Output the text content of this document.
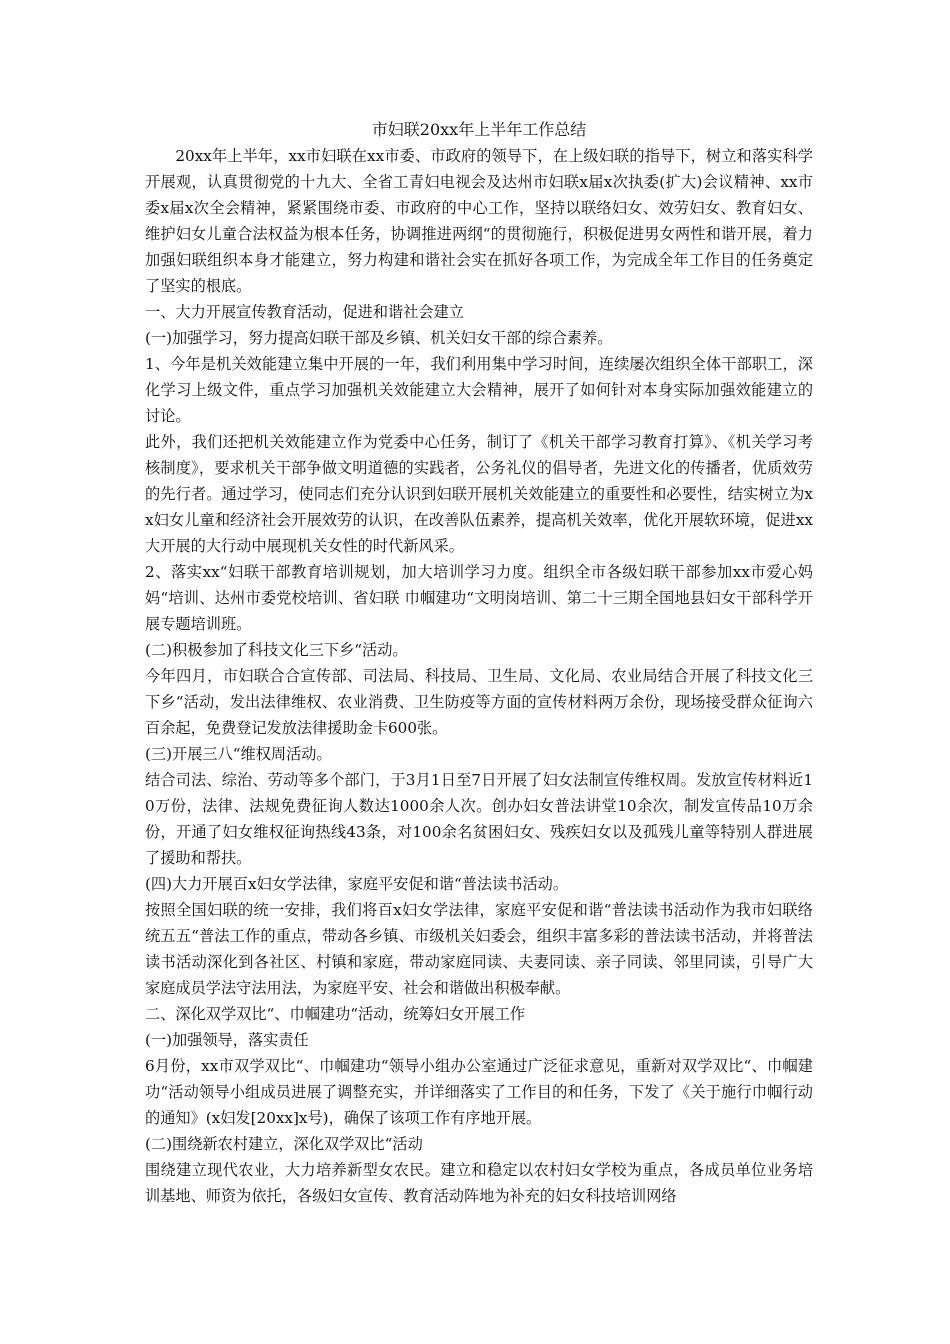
市妇联20xx年上半年工作总结

20xx年上半年，xx市妇联在xx市委、市政府的领导下，在上级妇联的指导下，树立和落实科学开展观，认真贯彻党的十九大、全省工青妇电视会及达州市妇联x届x次执委(扩大)会议精神、xx市委x届x次全会精神，紧紧围绕市委、市政府的中心工作，坚持以联络妇女、效劳妇女、教育妇女、维护妇女儿童合法权益为根本任务，协调推进两纲“的贯彻施行，积极促进男女两性和谐开展，着力加强妇联组织本身才能建立，努力构建和谐社会实在抓好各项工作，为完成全年工作目的任务奠定了坚实的根底。

一、大力开展宣传教育活动，促进和谐社会建立

(一)加强学习，努力提高妇联干部及乡镇、机关妇女干部的综合素养。

1、今年是机关效能建立集中开展的一年，我们利用集中学习时间，连续屡次组织全体干部职工，深化学习上级文件，重点学习加强机关效能建立大会精神，展开了如何针对本身实际加强效能建立的讨论。

此外，我们还把机关效能建立作为党委中心任务，制订了《机关干部学习教育打算》、《机关学习考核制度》，要求机关干部争做文明道德的实践者，公务礼仪的倡导者，先进文化的传播者，优质效劳的先行者。通过学习，使同志们充分认识到妇联开展机关效能建立的重要性和必要性，结实树立为xx妇女儿童和经济社会开展效劳的认识，在改善队伍素养，提高机关效率，优化开展软环境，促进xx大开展的大行动中展现机关女性的时代新风采。

2、落实xx“妇联干部教育培训规划，加大培训学习力度。组织全市各级妇联干部参加xx市爱心妈妈“培训、达州市委党校培训、省妇联 巾帼建功“文明岗培训、第二十三期全国地县妇女干部科学开展专题培训班。

(二)积极参加了科技文化三下乡“活动。

今年四月，市妇联合合宣传部、司法局、科技局、卫生局、文化局、农业局结合开展了科技文化三下乡“活动，发出法律维权、农业消费、卫生防疫等方面的宣传材料两万余份，现场接受群众征询六百余起，免费登记发放法律援助金卡600张。

(三)开展三八“维权周活动。

结合司法、综治、劳动等多个部门，于3月1日至7日开展了妇女法制宣传维权周。发放宣传材料近10万份，法律、法规免费征询人数达1000余人次。创办妇女普法讲堂10余次，制发宣传品10万余份，开通了妇女维权征询热线43条，对100余名贫困妇女、残疾妇女以及孤残儿童等特别人群进展了援助和帮扶。

(四)大力开展百x妇女学法律，家庭平安促和谐“普法读书活动。

按照全国妇联的统一安排，我们将百x妇女学法律，家庭平安促和谐“普法读书活动作为我市妇联络统五五“普法工作的重点，带动各乡镇、市级机关妇委会，组织丰富多彩的普法读书活动，并将普法读书活动深化到各社区、村镇和家庭，带动家庭同读、夫妻同读、亲子同读、邻里同读，引导广大家庭成员学法守法用法，为家庭平安、社会和谐做出积极奉献。

二、深化双学双比“、巾帼建功“活动，统筹妇女开展工作

(一)加强领导，落实责任

6月份，xx市双学双比“、巾帼建功“领导小组办公室通过广泛征求意见，重新对双学双比“、巾帼建功“活动领导小组成员进展了调整充实，并详细落实了工作目的和任务，下发了《关于施行巾帼行动的通知》(x妇发[20xx]x号)，确保了该项工作有序地开展。

(二)围绕新农村建立，深化双学双比“活动

围绕建立现代农业，大力培养新型女农民。建立和稳定以农村妇女学校为重点，各成员单位业务培训基地、师资为依托，各级妇女宣传、教育活动阵地为补充的妇女科技培训网络
